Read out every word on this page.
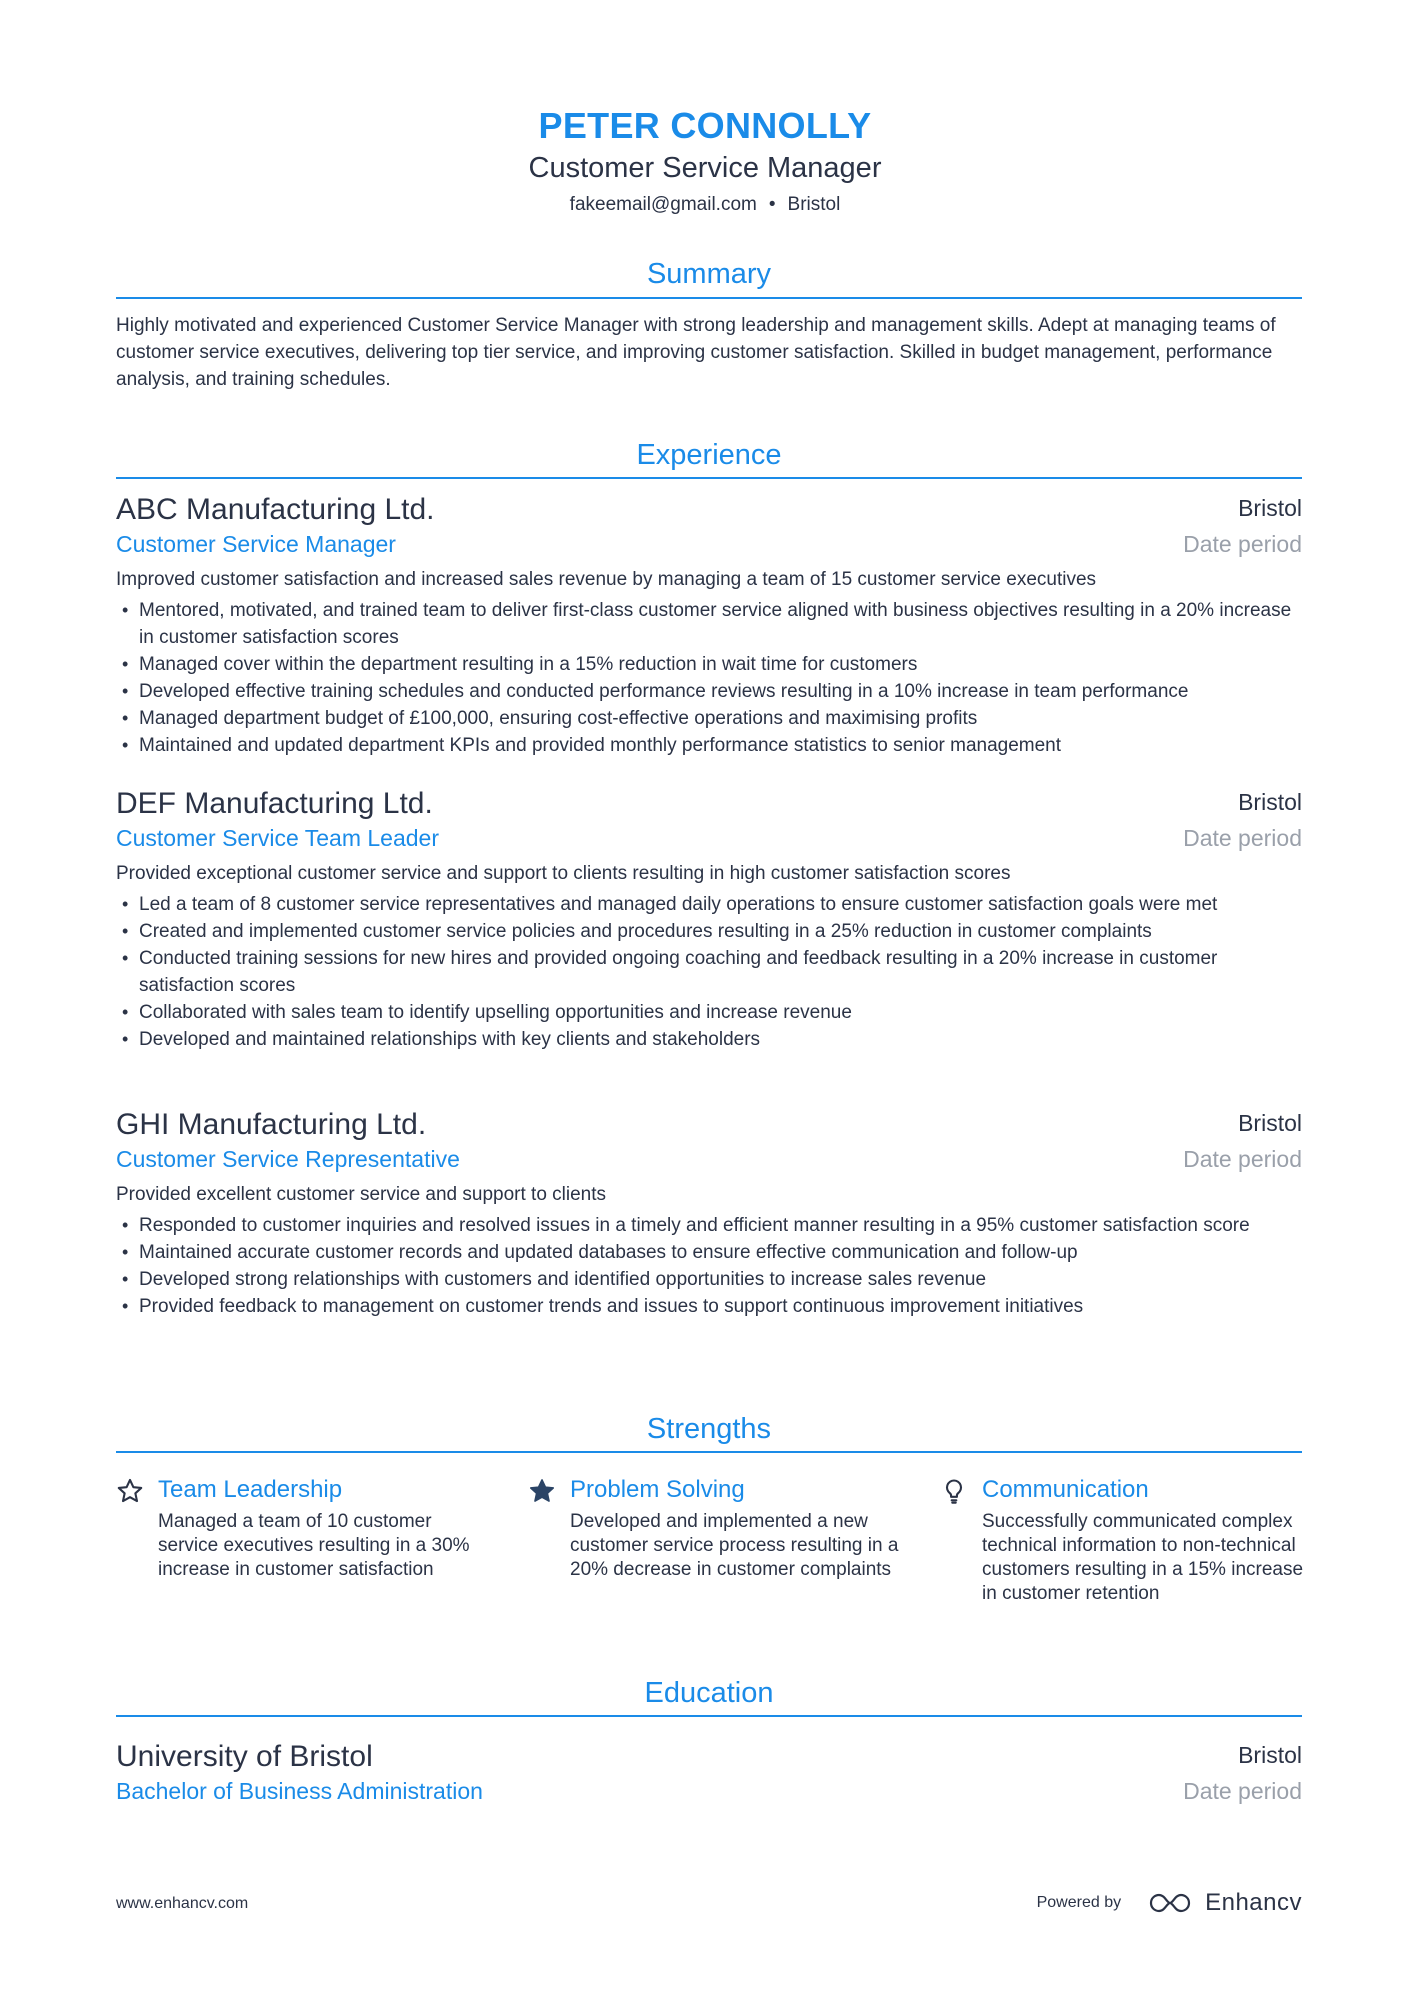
PETER CONNOLLY
Customer Service Manager
fakeemail@gmail.com • Bristol
Summary
Highly motivated and experienced Customer Service Manager with strong leadership and management skills. Adept at managing teams of customer service executives, delivering top tier service, and improving customer satisfaction. Skilled in budget management, performance analysis, and training schedules.
Experience
ABC Manufacturing Ltd.	Bristol
Customer Service Manager	Date period
Improved customer satisfaction and increased sales revenue by managing a team of 15 customer service executives
• Mentored, motivated, and trained team to deliver first-class customer service aligned with business objectives resulting in a 20% increase in customer satisfaction scores
• Managed cover within the department resulting in a 15% reduction in wait time for customers
• Developed effective training schedules and conducted performance reviews resulting in a 10% increase in team performance
• Managed department budget of £100,000, ensuring cost-effective operations and maximising profits
• Maintained and updated department KPIs and provided monthly performance statistics to senior management
DEF Manufacturing Ltd.	Bristol
Customer Service Team Leader	Date period
Provided exceptional customer service and support to clients resulting in high customer satisfaction scores
• Led a team of 8 customer service representatives and managed daily operations to ensure customer satisfaction goals were met
• Created and implemented customer service policies and procedures resulting in a 25% reduction in customer complaints
• Conducted training sessions for new hires and provided ongoing coaching and feedback resulting in a 20% increase in customer satisfaction scores
• Collaborated with sales team to identify upselling opportunities and increase revenue
• Developed and maintained relationships with key clients and stakeholders
GHI Manufacturing Ltd.	Bristol
Customer Service Representative	Date period
Provided excellent customer service and support to clients
• Responded to customer inquiries and resolved issues in a timely and efficient manner resulting in a 95% customer satisfaction score
• Maintained accurate customer records and updated databases to ensure effective communication and follow-up
• Developed strong relationships with customers and identified opportunities to increase sales revenue
• Provided feedback to management on customer trends and issues to support continuous improvement initiatives
Strengths
Team Leadership
Managed a team of 10 customer service executives resulting in a 30% increase in customer satisfaction
Problem Solving
Developed and implemented a new customer service process resulting in a 20% decrease in customer complaints
Communication
Successfully communicated complex technical information to non-technical customers resulting in a 15% increase in customer retention
Education
University of Bristol	Bristol
Bachelor of Business Administration	Date period
www.enhancv.com	Powered by	Enhancv
